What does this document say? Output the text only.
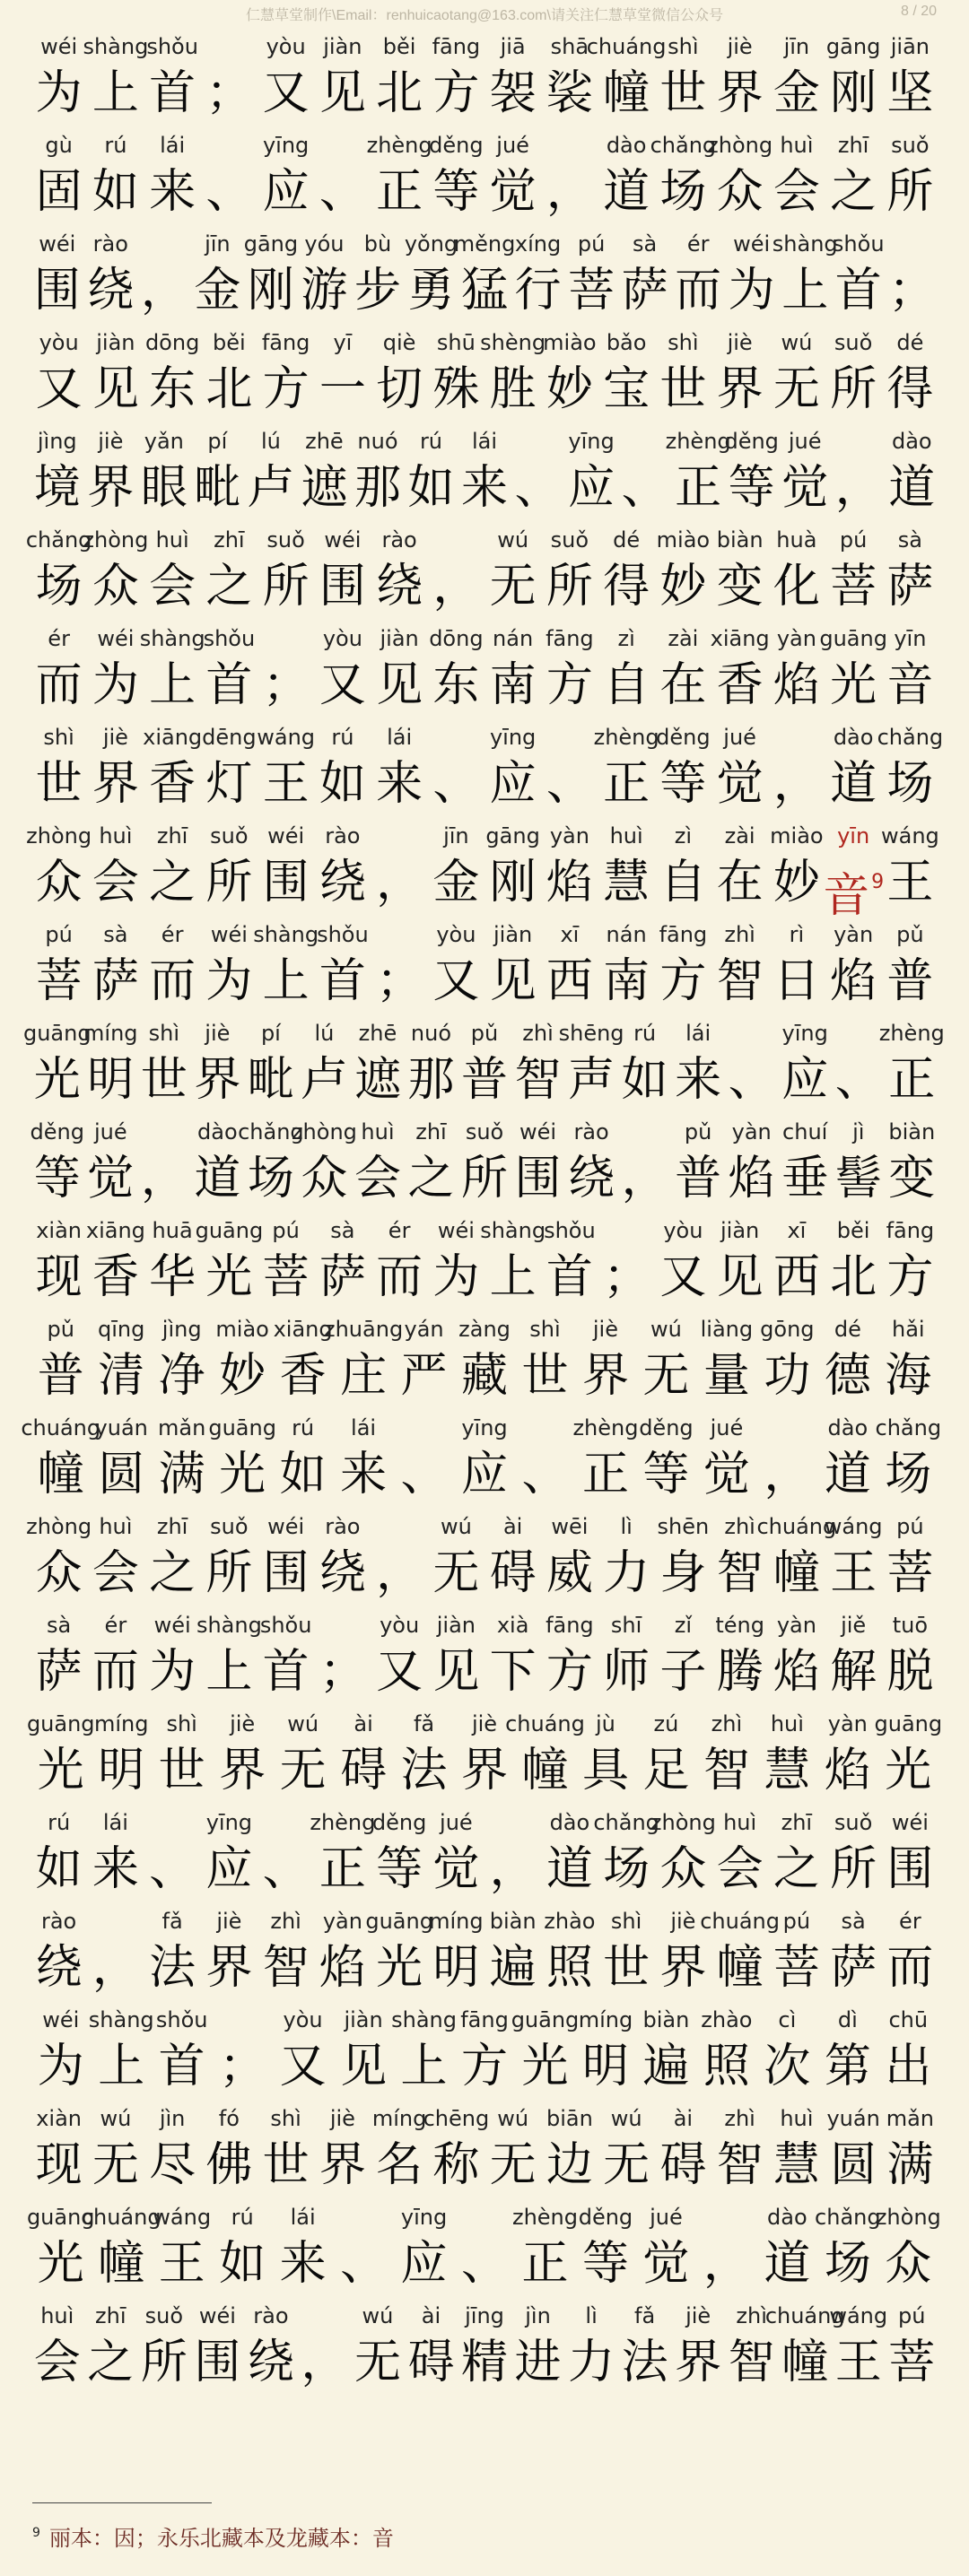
仁慧草堂制作\Email：renhuicaotang@163.com\请关注仁慧草堂微信公众号	8 / 20
wéi
为
shàng
上
shǒu
首 ；
yòu
又
jiàn
见
běi
北
fāng
方
jiā
袈
shā
裟
chuáng
幢
shì
世
jiè
界
jīn
金
gāng
刚
jiān
坚
gù
固
rú
如
lái
来 、
yīng
应 、
zhèng
正
děng
等
jué
觉 ，
dào
道
chǎng
场
zhòng
众
huì
会
zhī
之
suǒ
所
wéi
围
rào
绕 ，
jīn
金
gāng
刚
yóu
游
bù
步
yǒng
勇
měng
猛
xíng
行
pú
菩
sà
萨
ér
而
wéi
为
shàng
上
shǒu
首 ；
yòu
又
jiàn
见
dōng
东
běi
北
fāng
方
yī
一
qiè
切
shū
殊
shèng
胜
miào
妙
bǎo
宝
shì
世
jiè
界
wú
无
suǒ
所
dé
得
jìng
境
jiè
界
yǎn
眼
pí
毗
lú
卢
zhē
遮
nuó
那
rú
如
lái
来 、
yīng
应 、
zhèng
正
děng
等
jué
觉 ，
dào
道
chǎng
场
zhòng
众
huì
会
zhī
之
suǒ
所
wéi
围
rào
绕 ，
wú
无
suǒ
所
dé
得
miào
妙
biàn
变
huà
化
pú
菩
sà
萨
ér
而
wéi
为
shàng
上
shǒu
首 ；
yòu
又
jiàn
见
dōng
东
nán
南
fāng
方
zì
自
zài
在
xiāng
香
yàn
焰
guāng
光
yīn
音
shì
世
jiè
界
xiāng
香
dēng
灯
wáng
王
rú
如
lái
来 、
yīng
应 、
zhèng
正
děng
等
jué
觉 ，
dào
道
chǎng
场
zhòng
众
huì
会
zhī
之
suǒ
所
wéi
围
rào
绕 ，
jīn
金
gāng
刚
yàn
焰
huì
慧
zì
自
zài
在
miào
妙
yīn
音$^9$
wáng
王
pú
菩
sà
萨
ér
而
wéi
为
shàng
上
shǒu
首 ；
yòu
又
jiàn
见
xī
西
nán
南
fāng
方
zhì
智
rì
日
yàn
焰
pǔ
普
guāng
光
míng
明
shì
世
jiè
界
pí
毗
lú
卢
zhē
遮
nuó
那
pǔ
普
zhì
智
shēng
声
rú
如
lái
来 、
yīng
应 、
zhèng
正
děng
等
jué
觉 ，
dào
道
chǎng
场
zhòng
众
huì
会
zhī
之
suǒ
所
wéi
围
rào
绕 ，
pǔ
普
yàn
焰
chuí
垂
jì
髻
biàn
变
xiàn
现
xiāng
香
huā
华
guāng
光
pú
菩
sà
萨
ér
而
wéi
为
shàng
上
shǒu
首 ；
yòu
又
jiàn
见
xī
西
běi
北
fāng
方
pǔ
普
qīng
清
jìng
净
miào
妙
xiāng
香
zhuāng
庄
yán
严
zàng
藏
shì
世
jiè
界
wú
无
liàng
量
gōng
功
dé
德
hǎi
海
chuáng
幢
yuán
圆
mǎn
满
guāng
光
rú
如
lái
来 、
yīng
应 、
zhèng
正
děng
等
jué
觉 ，
dào
道
chǎng
场
zhòng
众
huì
会
zhī
之
suǒ
所
wéi
围
rào
绕 ，
wú
无
ài
碍
wēi
威
lì
力
shēn
身
zhì
智
chuáng
幢
wáng
王
pú
菩
sà
萨
ér
而
wéi
为
shàng
上
shǒu
首 ；
yòu
又
jiàn
见
xià
下
fāng
方
shī
师
zǐ
子
téng
腾
yàn
焰
jiě
解
tuō
脱
guāng
光
míng
明
shì
世
jiè
界
wú
无
ài
碍
fǎ
法
jiè
界
chuáng
幢
jù
具
zú
足
zhì
智
huì
慧
yàn
焰
guāng
光
rú
如
lái
来 、
yīng
应 、
zhèng
正
děng
等
jué
觉 ，
dào
道
chǎng
场
zhòng
众
huì
会
zhī
之
suǒ
所
wéi
围
rào
绕 ，
fǎ
法
jiè
界
zhì
智
yàn
焰
guāng
光
míng
明
biàn
遍
zhào
照
shì
世
jiè
界
chuáng
幢
pú
菩
sà
萨
ér
而
wéi
为
shàng
上
shǒu
首 ；
yòu
又
jiàn
见
shàng
上
fāng
方
guāng
光
míng
明
biàn
遍
zhào
照
cì
次
dì
第
chū
出
xiàn
现
wú
无
jìn
尽
fó
佛
shì
世
jiè
界
míng
名
chēng
称
wú
无
biān
边
wú
无
ài
碍
zhì
智
huì
慧
yuán
圆
mǎn
满
guāng
光
chuáng
幢
wáng
王
rú
如
lái
来 、
yīng
应 、
zhèng
正
děng
等
jué
觉 ，
dào
道
chǎng
场
zhòng
众
huì
会
zhī
之
suǒ
所
wéi
围
rào
绕 ，
wú
无
ài
碍
jīng
精
jìn
进
lì
力
fǎ
法
jiè
界
zhì
智
chuáng
幢
wáng
王
pú
菩
$^9$ 丽本：因；永乐北藏本及龙藏本：音
